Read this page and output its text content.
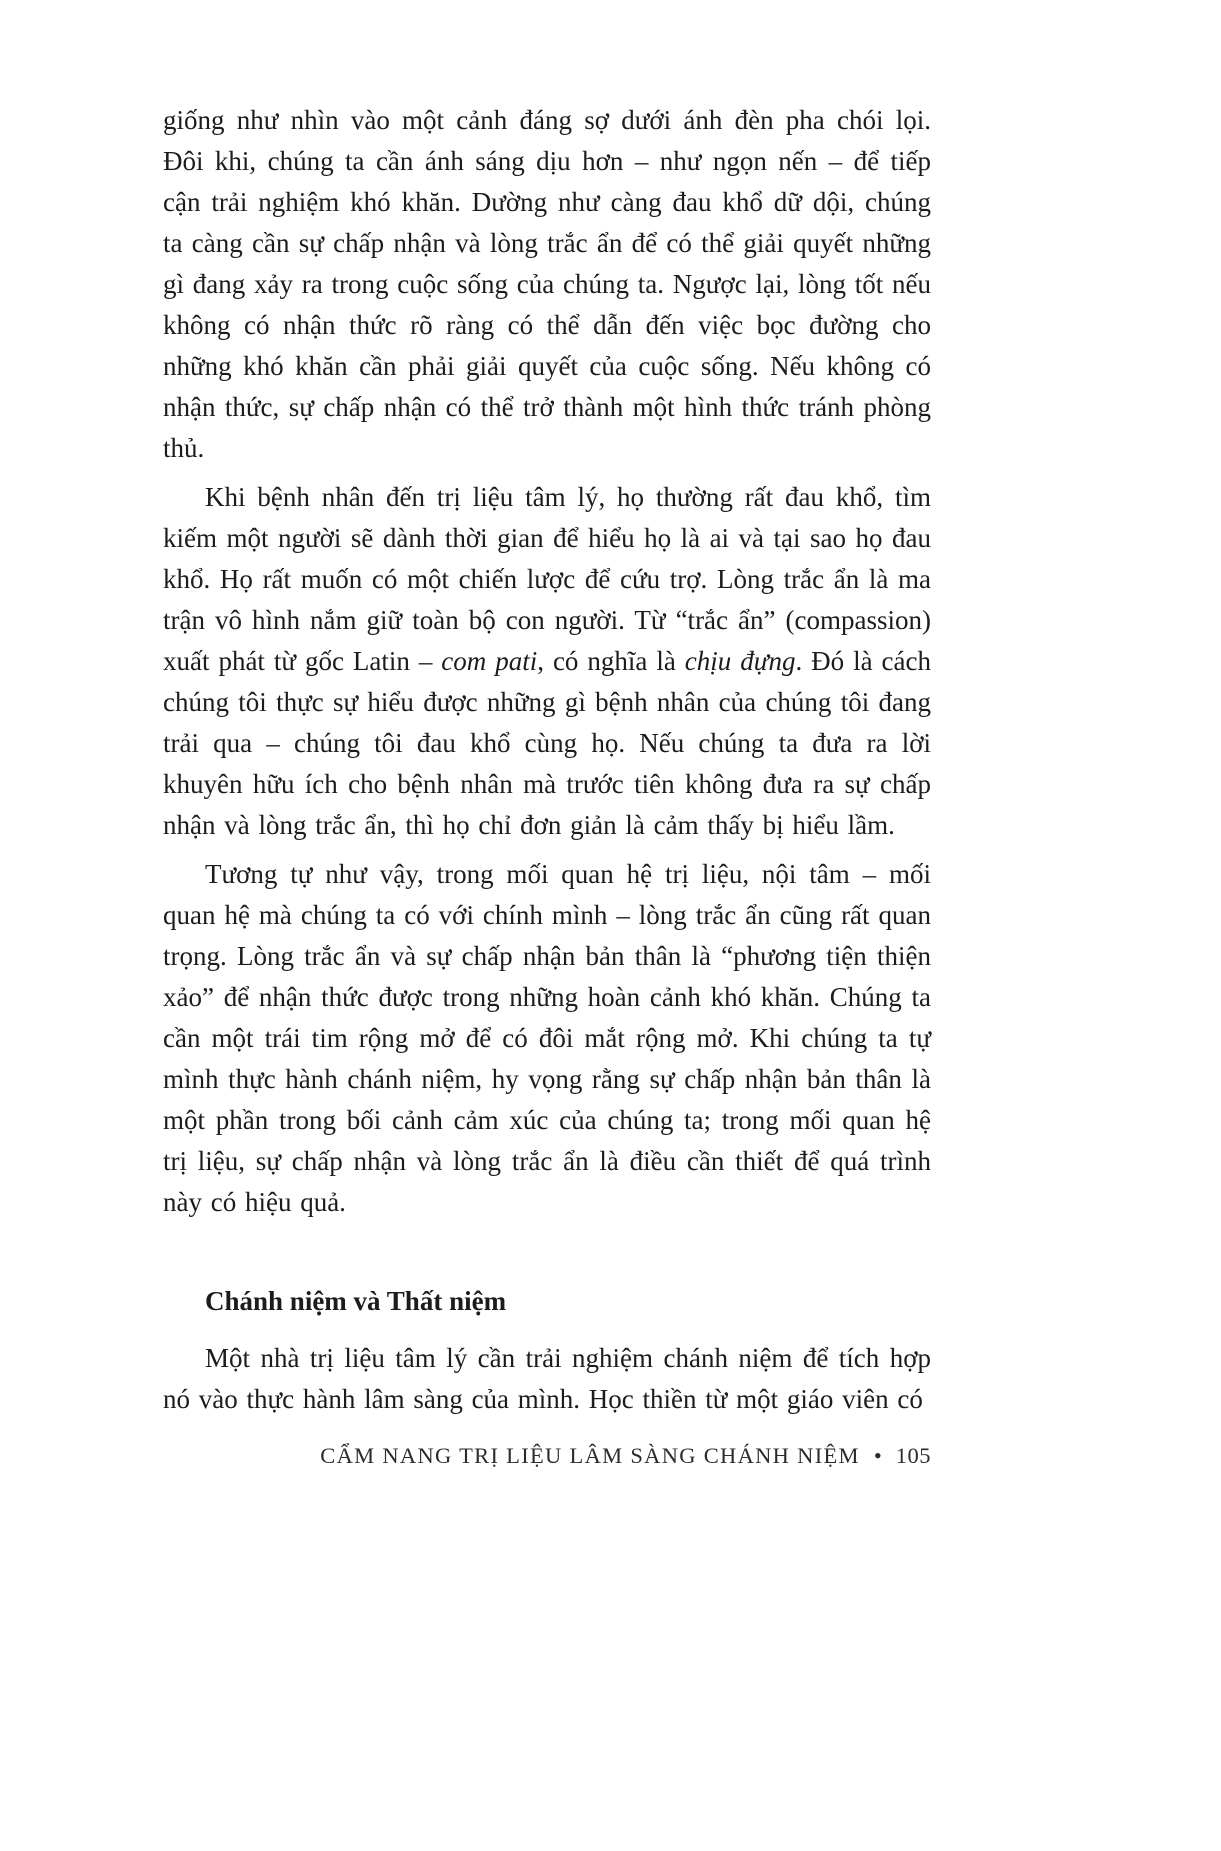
giống như nhìn vào một cảnh đáng sợ dưới ánh đèn pha chói lọi. Đôi khi, chúng ta cần ánh sáng dịu hơn – như ngọn nến – để tiếp cận trải nghiệm khó khăn. Dường như càng đau khổ dữ dội, chúng ta càng cần sự chấp nhận và lòng trắc ẩn để có thể giải quyết những gì đang xảy ra trong cuộc sống của chúng ta. Ngược lại, lòng tốt nếu không có nhận thức rõ ràng có thể dẫn đến việc bọc đường cho những khó khăn cần phải giải quyết của cuộc sống. Nếu không có nhận thức, sự chấp nhận có thể trở thành một hình thức tránh phòng thủ.

Khi bệnh nhân đến trị liệu tâm lý, họ thường rất đau khổ, tìm kiếm một người sẽ dành thời gian để hiểu họ là ai và tại sao họ đau khổ. Họ rất muốn có một chiến lược để cứu trợ. Lòng trắc ẩn là ma trận vô hình nắm giữ toàn bộ con người. Từ “trắc ẩn” (compassion) xuất phát từ gốc Latin – com pati, có nghĩa là chịu đựng. Đó là cách chúng tôi thực sự hiểu được những gì bệnh nhân của chúng tôi đang trải qua – chúng tôi đau khổ cùng họ. Nếu chúng ta đưa ra lời khuyên hữu ích cho bệnh nhân mà trước tiên không đưa ra sự chấp nhận và lòng trắc ẩn, thì họ chỉ đơn giản là cảm thấy bị hiểu lầm.

Tương tự như vậy, trong mối quan hệ trị liệu, nội tâm – mối quan hệ mà chúng ta có với chính mình – lòng trắc ẩn cũng rất quan trọng. Lòng trắc ẩn và sự chấp nhận bản thân là “phương tiện thiện xảo” để nhận thức được trong những hoàn cảnh khó khăn. Chúng ta cần một trái tim rộng mở để có đôi mắt rộng mở. Khi chúng ta tự mình thực hành chánh niệm, hy vọng rằng sự chấp nhận bản thân là một phần trong bối cảnh cảm xúc của chúng ta; trong mối quan hệ trị liệu, sự chấp nhận và lòng trắc ẩn là điều cần thiết để quá trình này có hiệu quả.

Chánh niệm và Thất niệm

Một nhà trị liệu tâm lý cần trải nghiệm chánh niệm để tích hợp nó vào thực hành lâm sàng của mình. Học thiền từ một giáo viên có

CẨM NANG TRỊ LIỆU LÂM SÀNG CHÁNH NIỆM • 105
